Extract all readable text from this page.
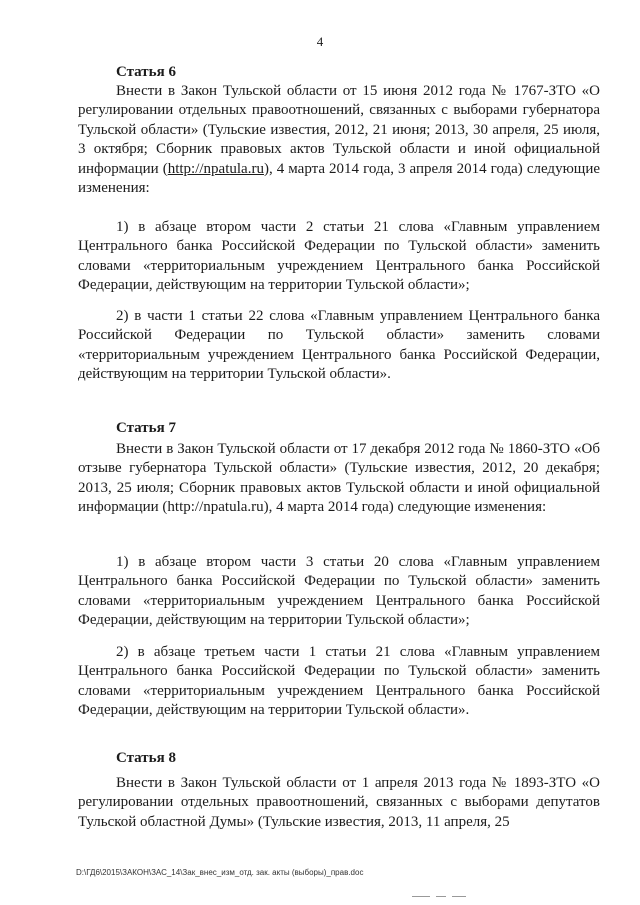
4
Статья 6

Внести в Закон Тульской области от 15 июня 2012 года № 1767-ЗТО «О регулировании отдельных правоотношений, связанных с выборами губернатора Тульской области» (Тульские известия, 2012, 21 июня; 2013, 30 апреля, 25 июля, 3 октября; Сборник правовых актов Тульской области и иной официальной информации (http://npatula.ru), 4 марта 2014 года, 3 апреля 2014 года) следующие изменения:

1) в абзаце втором части 2 статьи 21 слова «Главным управлением Центрального банка Российской Федерации по Тульской области» заменить словами «территориальным учреждением Центрального банка Российской Федерации, действующим на территории Тульской области»;

2) в части 1 статьи 22 слова «Главным управлением Центрального банка Российской Федерации по Тульской области» заменить словами «территориальным учреждением Центрального банка Российской Федерации, действующим на территории Тульской области».

Статья 7

Внести в Закон Тульской области от 17 декабря 2012 года № 1860-ЗТО «Об отзыве губернатора Тульской области» (Тульские известия, 2012, 20 декабря; 2013, 25 июля; Сборник правовых актов Тульской области и иной официальной информации (http://npatula.ru), 4 марта 2014 года) следующие изменения:

1) в абзаце втором части 3 статьи 20 слова «Главным управлением Центрального банка Российской Федерации по Тульской области» заменить словами «территориальным учреждением Центрального банка Российской Федерации, действующим на территории Тульской области»;

2) в абзаце третьем части 1 статьи 21 слова «Главным управлением Центрального банка Российской Федерации по Тульской области» заменить словами «территориальным учреждением Центрального банка Российской Федерации, действующим на территории Тульской области».

Статья 8

Внести в Закон Тульской области от 1 апреля 2013 года № 1893-ЗТО «О регулировании отдельных правоотношений, связанных с выборами депутатов Тульской областной Думы» (Тульские известия, 2013, 11 апреля, 25

D:\ГД6\2015\ЗАКОН\ЗАС_14\Зак_внес_изм_отд. зак. акты (выборы)_прав.doc
